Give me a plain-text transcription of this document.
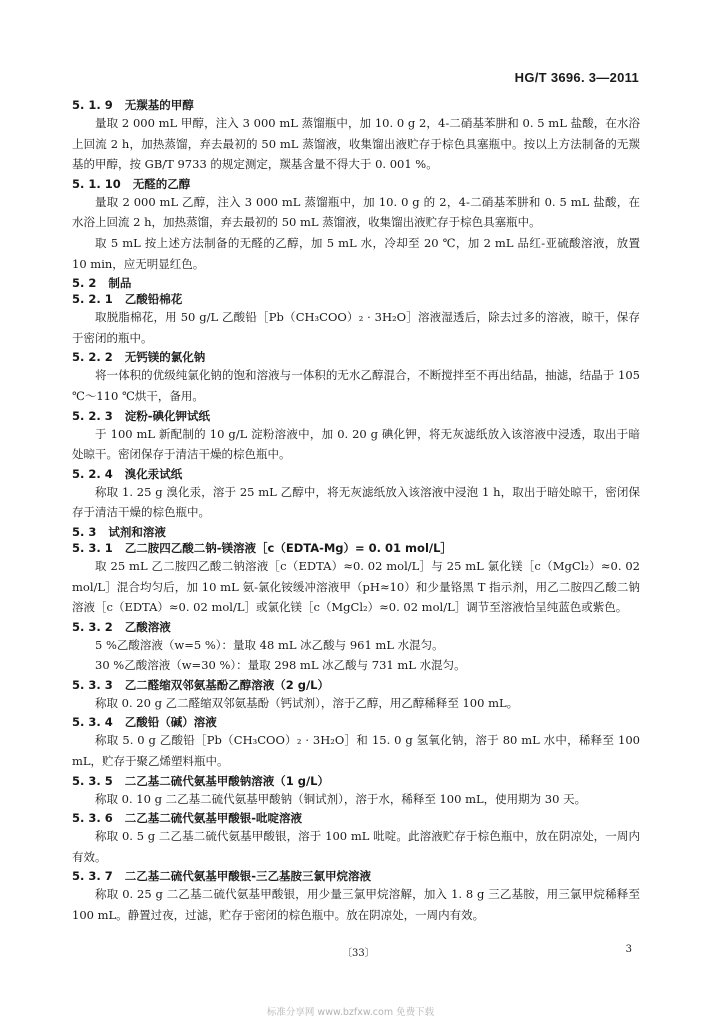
HG/T 3696. 3—2011
5. 1. 9 无羰基的甲醇

量取 2 000 mL 甲醇，注入 3 000 mL 蒸馏瓶中，加 10. 0 g 2，4-二硝基苯肼和 0. 5 mL 盐酸，在水浴上回流 2 h，加热蒸馏，弃去最初的 50 mL 蒸馏液，收集馏出液贮存于棕色具塞瓶中。按以上方法制备的无羰基的甲醇，按 GB/T 9733 的规定测定，羰基含量不得大于 0. 001 %。

5. 1. 10 无醛的乙醇

量取 2 000 mL 乙醇，注入 3 000 mL 蒸馏瓶中，加 10. 0 g 的 2，4-二硝基苯肼和 0. 5 mL 盐酸，在水浴上回流 2 h，加热蒸馏，弃去最初的 50 mL 蒸馏液，收集馏出液贮存于棕色具塞瓶中。

取 5 mL 按上述方法制备的无醛的乙醇，加 5 mL 水，冷却至 20 ℃，加 2 mL 品红-亚硫酸溶液，放置 10 min，应无明显红色。

5. 2 制品
5. 2. 1 乙酸铅棉花

取脱脂棉花，用 50 g/L 乙酸铅［Pb（CH₃COO）₂ · 3H₂O］溶液湿透后，除去过多的溶液，晾干，保存于密闭的瓶中。

5. 2. 2 无钙镁的氯化钠

将一体积的优级纯氯化钠的饱和溶液与一体积的无水乙醇混合，不断搅拌至不再出结晶，抽滤，结晶于 105 ℃～110 ℃烘干，备用。

5. 2. 3 淀粉-碘化钾试纸

于 100 mL 新配制的 10 g/L 淀粉溶液中，加 0. 20 g 碘化钾，将无灰滤纸放入该溶液中浸透，取出于暗处晾干。密闭保存于清洁干燥的棕色瓶中。

5. 2. 4 溴化汞试纸

称取 1. 25 g 溴化汞，溶于 25 mL 乙醇中，将无灰滤纸放入该溶液中浸泡 1 h，取出于暗处晾干，密闭保存于清洁干燥的棕色瓶中。

5. 3 试剂和溶液
5. 3. 1 乙二胺四乙酸二钠-镁溶液［c（EDTA-Mg）= 0. 01 mol/L］

取 25 mL 乙二胺四乙酸二钠溶液［c（EDTA）≈0. 02 mol/L］与 25 mL 氯化镁［c（MgCl₂）≈0. 02 mol/L］混合均匀后，加 10 mL 氨-氯化铵缓冲溶液甲（pH≈10）和少量铬黑 T 指示剂，用乙二胺四乙酸二钠溶液［c（EDTA）≈0. 02 mol/L］或氯化镁［c（MgCl₂）≈0. 02 mol/L］调节至溶液恰呈纯蓝色或紫色。

5. 3. 2 乙酸溶液

5 %乙酸溶液（w=5 %）：量取 48 mL 冰乙酸与 961 mL 水混匀。

30 %乙酸溶液（w=30 %）：量取 298 mL 冰乙酸与 731 mL 水混匀。

5. 3. 3 乙二醛缩双邻氨基酚乙醇溶液（2 g/L）

称取 0. 20 g 乙二醛缩双邻氨基酚（钙试剂），溶于乙醇，用乙醇稀释至 100 mL。

5. 3. 4 乙酸铅（碱）溶液

称取 5. 0 g 乙酸铅［Pb（CH₃COO）₂ · 3H₂O］和 15. 0 g 氢氧化钠，溶于 80 mL 水中，稀释至 100 mL，贮存于聚乙烯塑料瓶中。

5. 3. 5 二乙基二硫代氨基甲酸钠溶液（1 g/L）

称取 0. 10 g 二乙基二硫代氨基甲酸钠（铜试剂），溶于水，稀释至 100 mL，使用期为 30 天。

5. 3. 6 二乙基二硫代氨基甲酸银-吡啶溶液

称取 0. 5 g 二乙基二硫代氨基甲酸银，溶于 100 mL 吡啶。此溶液贮存于棕色瓶中，放在阴凉处，一周内有效。

5. 3. 7 二乙基二硫代氨基甲酸银-三乙基胺三氯甲烷溶液

称取 0. 25 g 二乙基二硫代氨基甲酸银，用少量三氯甲烷溶解，加入 1. 8 g 三乙基胺，用三氯甲烷稀释至 100 mL。静置过夜，过滤，贮存于密闭的棕色瓶中。放在阴凉处，一周内有效。

〔33〕	3
标准分享网 www.bzfxw.com 免费下载
